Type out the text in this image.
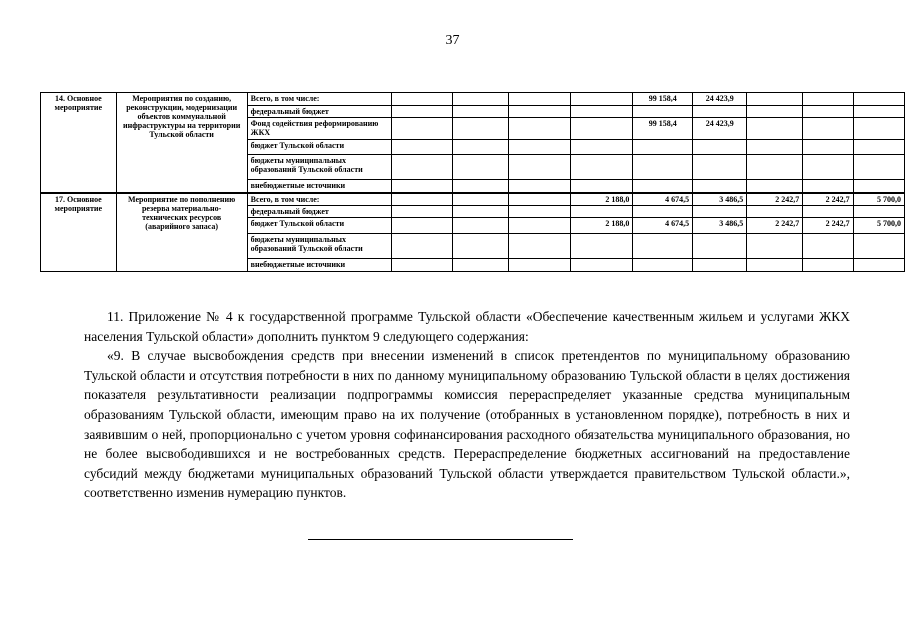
37
14. Основное мероприятие	Мероприятия по созданию, реконструкции, модернизации объектов коммунальной инфраструктуры на территории Тульской области	Всего, в том числе:					99 158,4	24 423,9			
		федеральный бюджет									
		Фонд содействия реформированию ЖКХ					99 158,4	24 423,9			
		бюджет Тульской области									
		бюджеты муниципальных образований Тульской области									
		внебюджетные источники									
17. Основное мероприятие	Мероприятие по пополнению резерва материально-технических ресурсов (аварийного запаса)	Всего, в том числе:				2 188,0	4 674,5	3 486,5	2 242,7	2 242,7	5 700,0
		федеральный бюджет									
		бюджет Тульской области				2 188,0	4 674,5	3 486,5	2 242,7	2 242,7	5 700,0
		бюджеты муниципальных образований Тульской области									
		внебюджетные источники									

11. Приложение № 4 к государственной программе Тульской области «Обеспечение качественным жильем и услугами ЖКХ населения Тульской области» дополнить пунктом 9 следующего содержания:

«9. В случае высвобождения средств при внесении изменений в список претендентов по муниципальному образованию Тульской области и отсутствия потребности в них по данному муниципальному образованию Тульской области в целях достижения показателя результативности реализации подпрограммы комиссия перераспределяет указанные средства муниципальным образованиям Тульской области, имеющим право на их получение (отобранных в установленном порядке), потребность в них и заявившим о ней, пропорционально с учетом уровня софинансирования расходного обязательства муниципального образования, но не более высвободившихся и не востребованных средств. Перераспределение бюджетных ассигнований на предоставление субсидий между бюджетами муниципальных образований Тульской области утверждается правительством Тульской области.», соответственно изменив нумерацию пунктов.
